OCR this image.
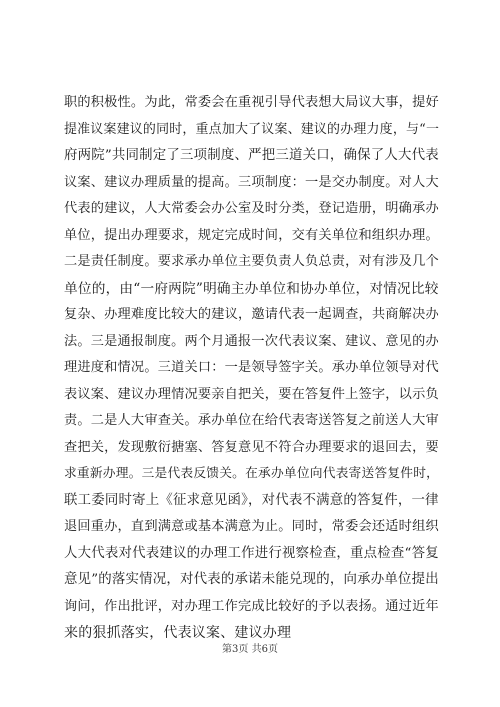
职的积极性。为此，常委会在重视引导代表想大局议大事，提好
提准议案建议的同时，重点加大了议案、建议的办理力度，与“一
府两院”共同制定了三项制度、严把三道关口，确保了人大代表
议案、建议办理质量的提高。三项制度：一是交办制度。对人大
代表的建议，人大常委会办公室及时分类，登记造册，明确承办
单位，提出办理要求，规定完成时间，交有关单位和组织办理。
二是责任制度。要求承办单位主要负责人负总责，对有涉及几个
单位的，由“一府两院”明确主办单位和协办单位，对情况比较
复杂、办理难度比较大的建议，邀请代表一起调查，共商解决办
法。三是通报制度。两个月通报一次代表议案、建议、意见的办
理进度和情况。三道关口：一是领导签字关。承办单位领导对代
表议案、建议办理情况要亲自把关，要在答复件上签字，以示负
责。二是人大审查关。承办单位在给代表寄送答复之前送人大审
查把关，发现敷衍搪塞、答复意见不符合办理要求的退回去，要
求重新办理。三是代表反馈关。在承办单位向代表寄送答复件时，
联工委同时寄上《征求意见函》，对代表不满意的答复件，一律
退回重办，直到满意或基本满意为止。同时，常委会还适时组织
人大代表对代表建议的办理工作进行视察检查，重点检查“答复
意见”的落实情况，对代表的承诺未能兑现的，向承办单位提出
询问，作出批评，对办理工作完成比较好的予以表扬。通过近年
来的狠抓落实，代表议案、建议办理
第3页 共6页
